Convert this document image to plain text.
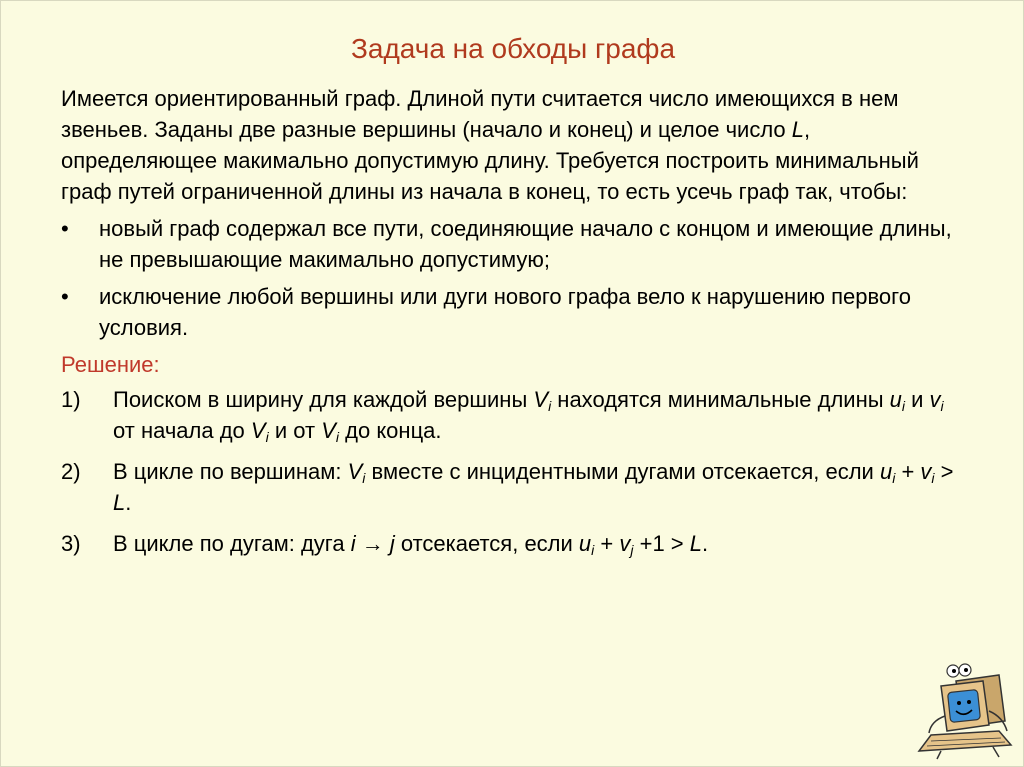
Задача на обходы графа

Имеется ориентированный граф. Длиной пути считается число имеющихся в нем звеньев. Заданы две разные вершины (начало и конец) и целое число L, определяющее макимально допустимую длину. Требуется построить минимальный граф путей ограниченной длины из начала в конец, то есть усечь граф так, чтобы:

• новый граф содержал все пути, соединяющие начало с концом и имеющие длины, не превышающие макимально допустимую;
• исключение любой вершины или дуги нового графа вело к нарушению первого условия.
Решение:
1) Поиском в ширину для каждой вершины $V_i$ находятся минимальные длины $u_i$ и $v_i$ от начала до $V_i$ и от $V_i$ до конца.
2) В цикле по вершинам: $V_i$ вместе с инцидентными дугами отсекается, если $u_i + v_i > L$.
3) В цикле по дугам: дуга i → j отсекается, если $u_i + v_j +1 > L$.
